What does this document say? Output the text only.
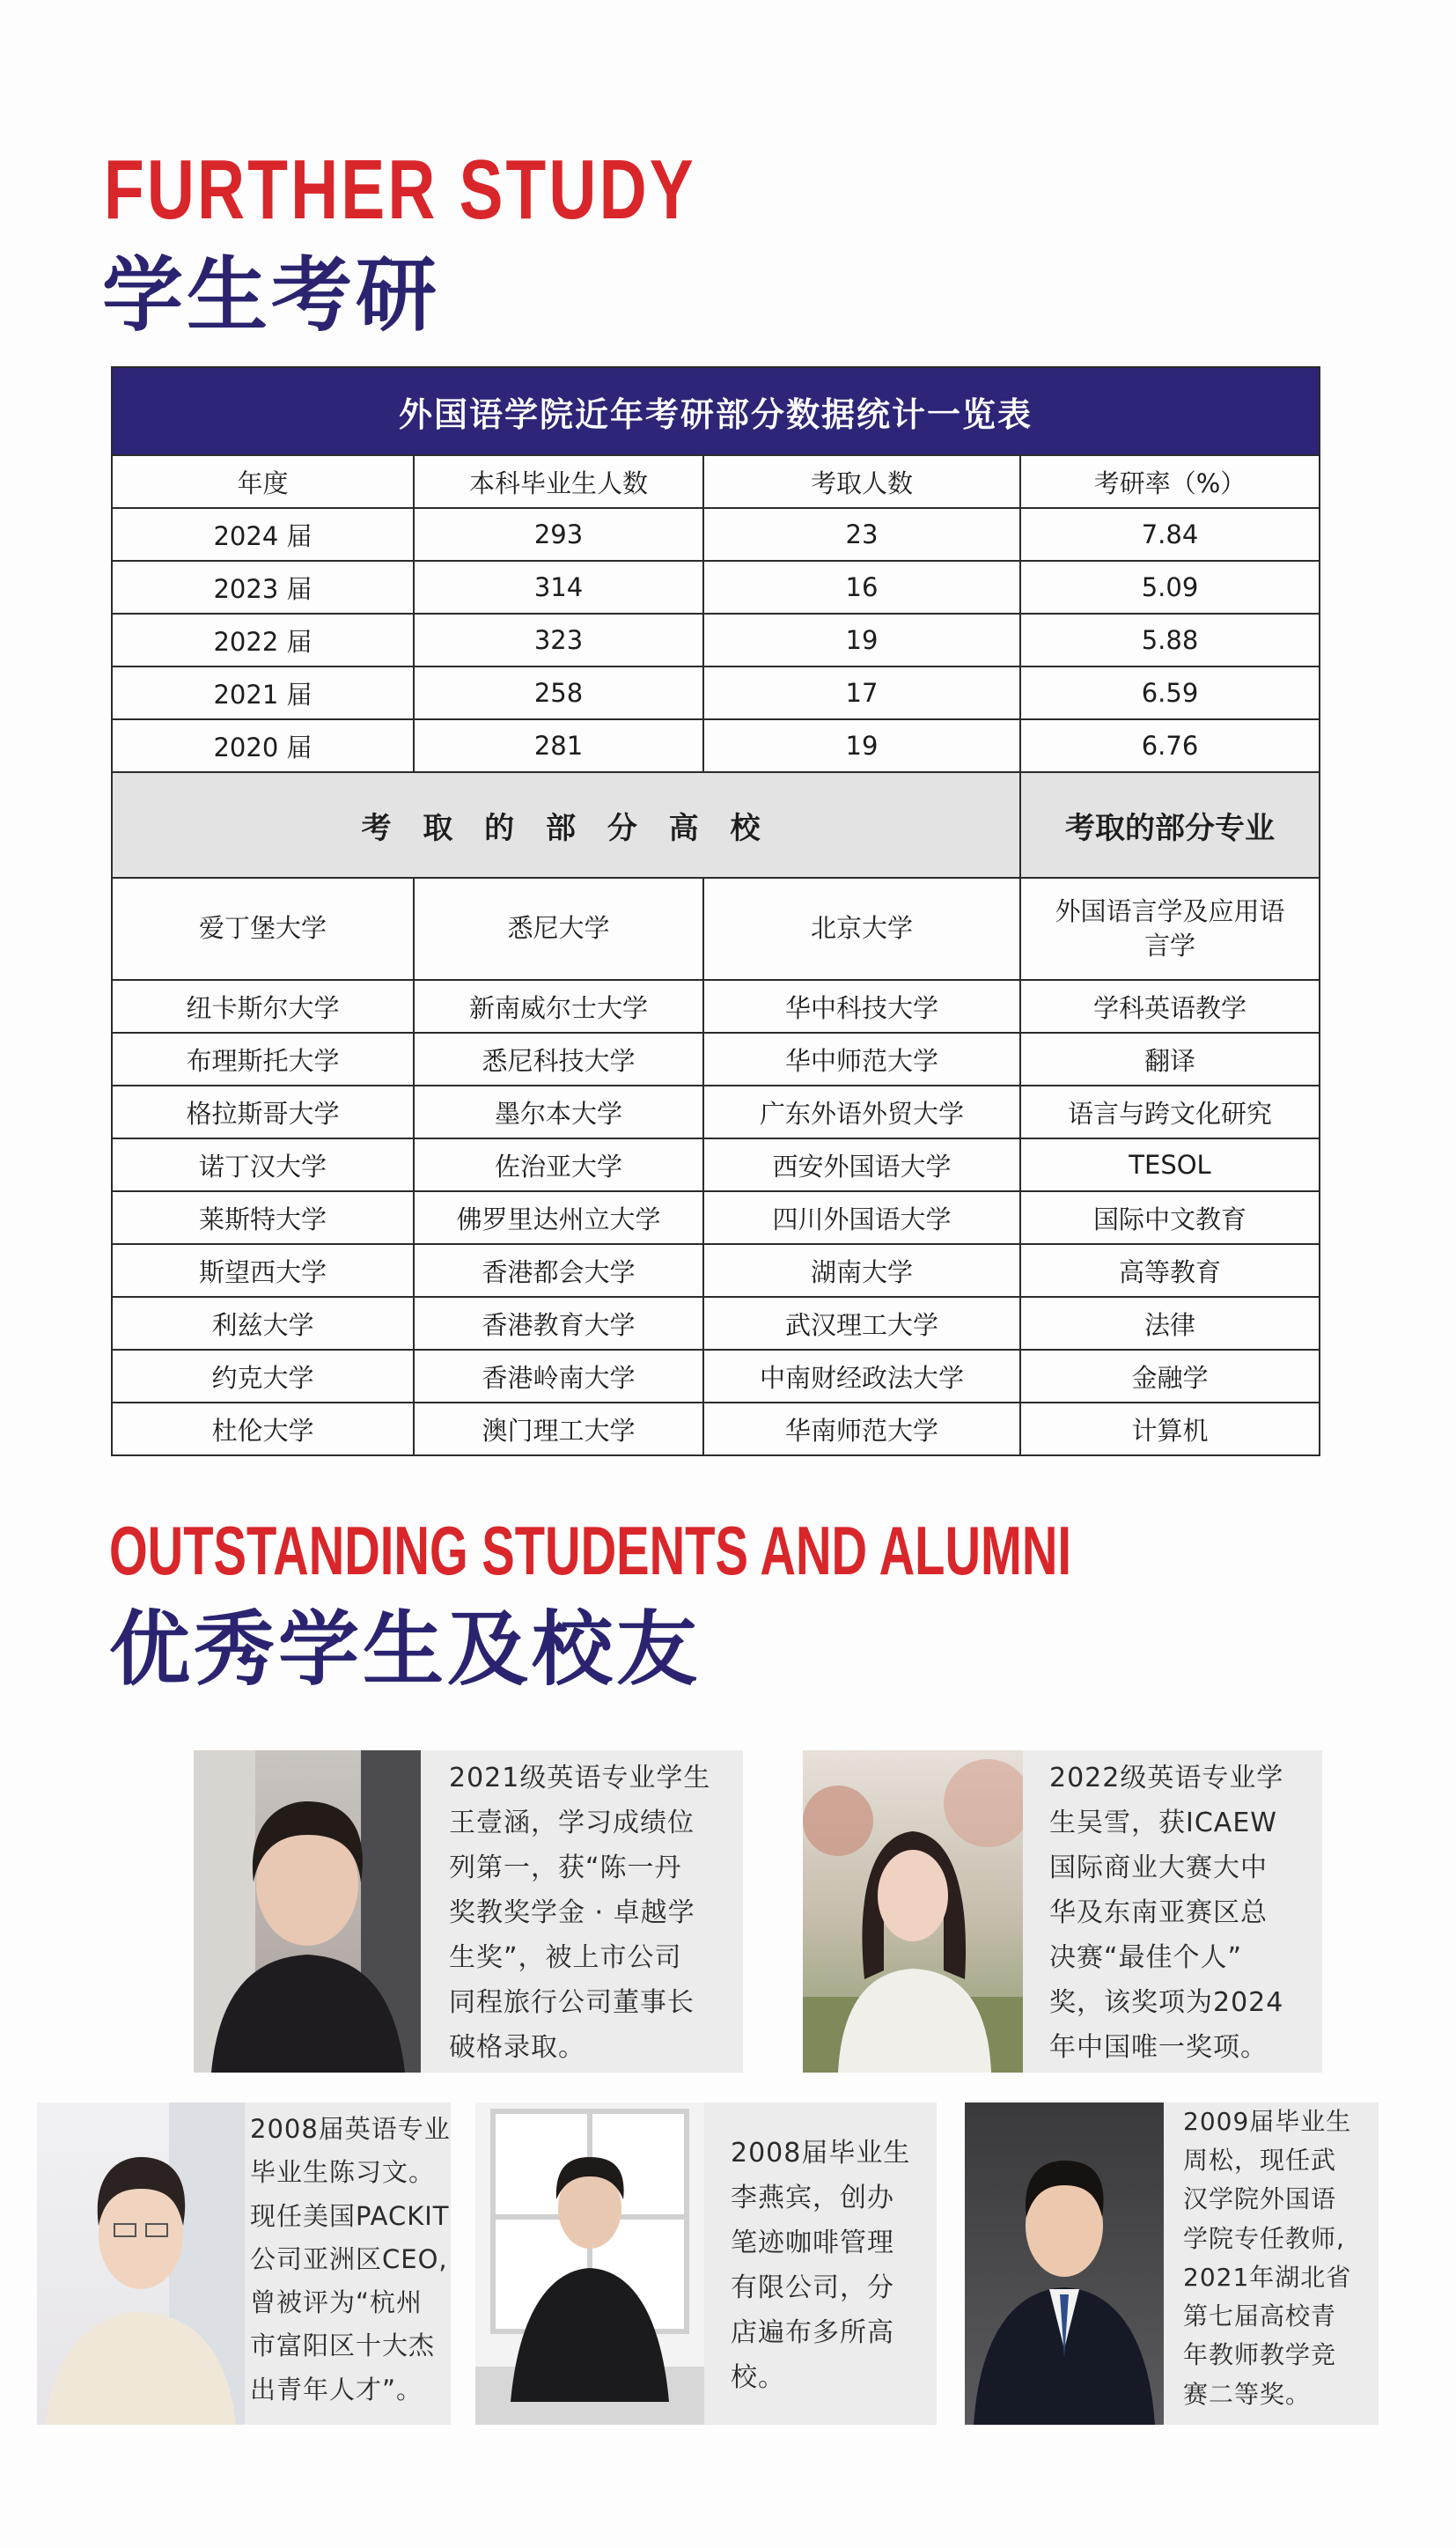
FURTHER STUDY
学生考研
外国语学院近年考研部分数据统计一览表			
年度	本科毕业生人数	考取人数	考研率（%）
2024 届	293	23	7.84
2023 届	314	16	5.09
2022 届	323	19	5.88
2021 届	258	17	6.59
2020 届	281	19	6.76
考 取 的 部 分 高 校			考取的部分专业
爱丁堡大学	悉尼大学	北京大学	外国语言学及应用语言学
纽卡斯尔大学	新南威尔士大学	华中科技大学	学科英语教学
布理斯托大学	悉尼科技大学	华中师范大学	翻译
格拉斯哥大学	墨尔本大学	广东外语外贸大学	语言与跨文化研究
诺丁汉大学	佐治亚大学	西安外国语大学	TESOL
莱斯特大学	佛罗里达州立大学	四川外国语大学	国际中文教育
斯望西大学	香港都会大学	湖南大学	高等教育
利兹大学	香港教育大学	武汉理工大学	法律
约克大学	香港岭南大学	中南财经政法大学	金融学
杜伦大学	澳门理工大学	华南师范大学	计算机
OUTSTANDING STUDENTS AND ALUMNI
优秀学生及校友
2021级英语专业学生
王壹涵，学习成绩位
列第一，获“陈一丹
奖教奖学金 · 卓越学
生奖”，被上市公司
同程旅行公司董事长
破格录取。
2022级英语专业学
生吴雪，获ICAEW
国际商业大赛大中
华及东南亚赛区总
决赛“最佳个人”
奖，该奖项为2024
年中国唯一奖项。
2008届英语专业
毕业生陈习文。
现任美国PACKIT
公司亚洲区CEO,
曾被评为“杭州
市富阳区十大杰
出青年人才”。
2008届毕业生
李燕宾，创办
笔迹咖啡管理
有限公司，分
店遍布多所高
校。
2009届毕业生
周松，现任武
汉学院外国语
学院专任教师,
2021年湖北省
第七届高校青
年教师教学竞
赛二等奖。
